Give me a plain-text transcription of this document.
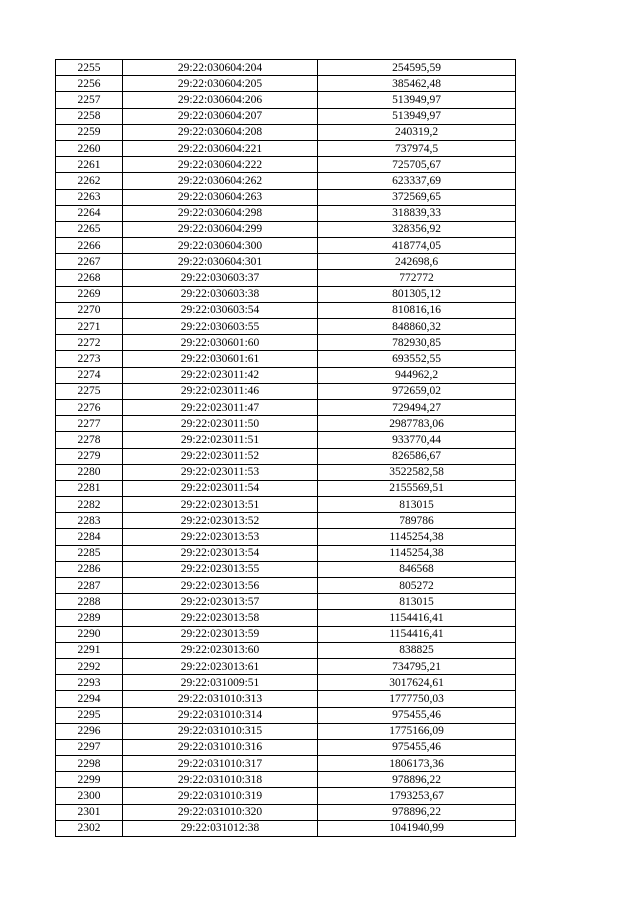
2255	29:22:030604:204	254595,59
2256	29:22:030604:205	385462,48
2257	29:22:030604:206	513949,97
2258	29:22:030604:207	513949,97
2259	29:22:030604:208	240319,2
2260	29:22:030604:221	737974,5
2261	29:22:030604:222	725705,67
2262	29:22:030604:262	623337,69
2263	29:22:030604:263	372569,65
2264	29:22:030604:298	318839,33
2265	29:22:030604:299	328356,92
2266	29:22:030604:300	418774,05
2267	29:22:030604:301	242698,6
2268	29:22:030603:37	772772
2269	29:22:030603:38	801305,12
2270	29:22:030603:54	810816,16
2271	29:22:030603:55	848860,32
2272	29:22:030601:60	782930,85
2273	29:22:030601:61	693552,55
2274	29:22:023011:42	944962,2
2275	29:22:023011:46	972659,02
2276	29:22:023011:47	729494,27
2277	29:22:023011:50	2987783,06
2278	29:22:023011:51	933770,44
2279	29:22:023011:52	826586,67
2280	29:22:023011:53	3522582,58
2281	29:22:023011:54	2155569,51
2282	29:22:023013:51	813015
2283	29:22:023013:52	789786
2284	29:22:023013:53	1145254,38
2285	29:22:023013:54	1145254,38
2286	29:22:023013:55	846568
2287	29:22:023013:56	805272
2288	29:22:023013:57	813015
2289	29:22:023013:58	1154416,41
2290	29:22:023013:59	1154416,41
2291	29:22:023013:60	838825
2292	29:22:023013:61	734795,21
2293	29:22:031009:51	3017624,61
2294	29:22:031010:313	1777750,03
2295	29:22:031010:314	975455,46
2296	29:22:031010:315	1775166,09
2297	29:22:031010:316	975455,46
2298	29:22:031010:317	1806173,36
2299	29:22:031010:318	978896,22
2300	29:22:031010:319	1793253,67
2301	29:22:031010:320	978896,22
2302	29:22:031012:38	1041940,99
